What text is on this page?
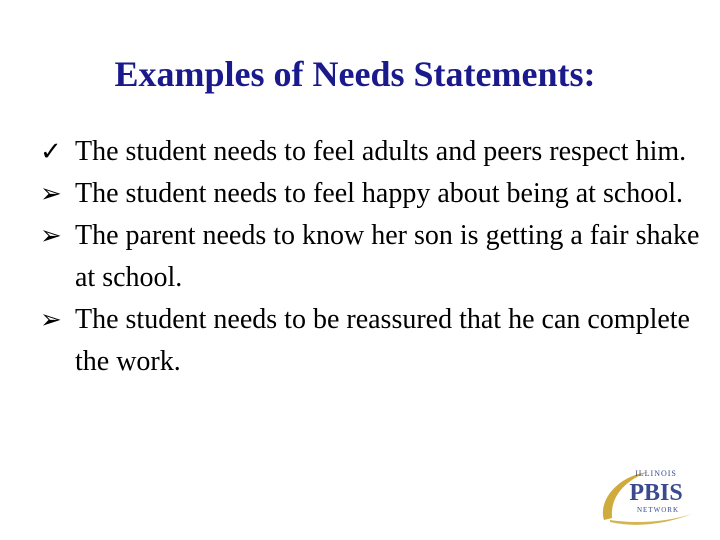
Examples of Needs Statements:
✓ The student needs to feel adults and peers respect him.
➢ The student needs to feel happy about being at school.
➢ The parent needs to know her son is getting a fair shake at school.
➢ The student needs to be reassured that he can complete the work.
ILLINOIS
PBIS
NETWORK
